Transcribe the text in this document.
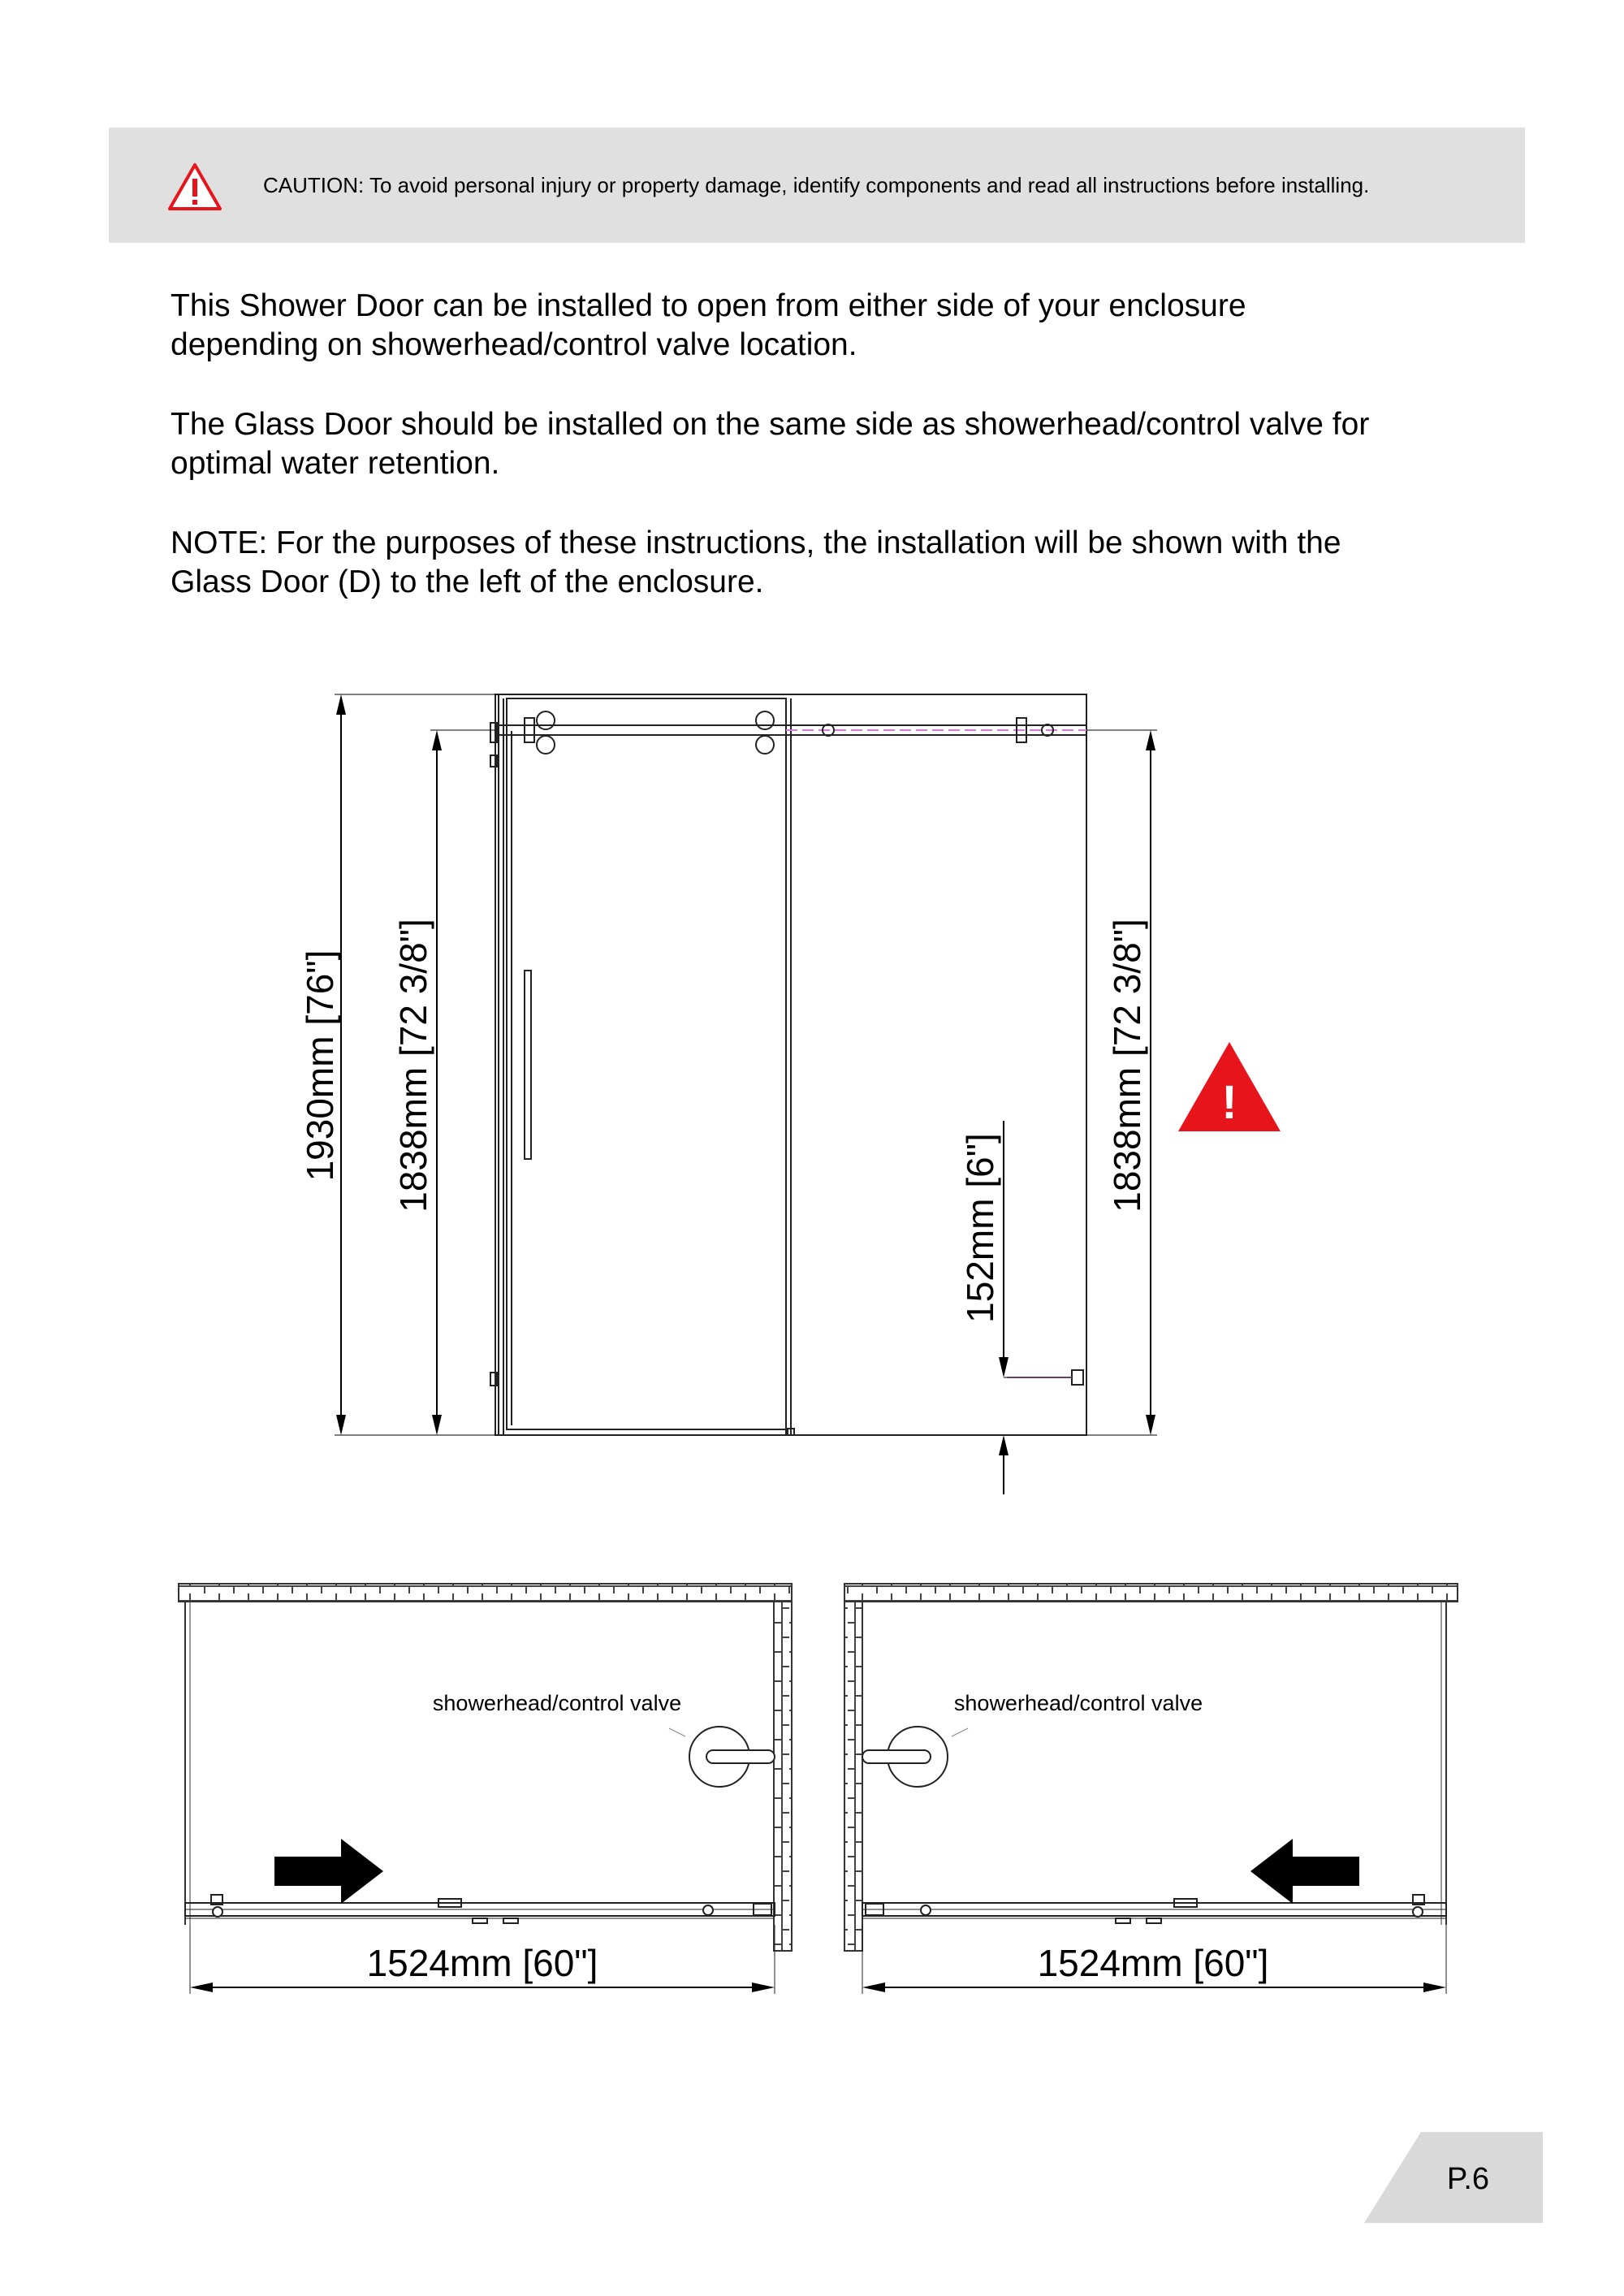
CAUTION: To avoid personal injury or property damage, identify components and read all instructions before installing.

This Shower Door can be installed to open from either side of your enclosure
depending on showerhead/control valve location.

The Glass Door should be installed on the same side as showerhead/control valve for
optimal water retention.

NOTE: For the purposes of these instructions, the installation will be shown with the
Glass Door (D) to the left of the enclosure.

1930mm [76"] 1838mm [72 3/8"]	1838mm [72 3/8"]
152mm [6"]
!
showerhead/control valve
1524mm [60"]
showerhead/control valve
1524mm [60"]
P.6
